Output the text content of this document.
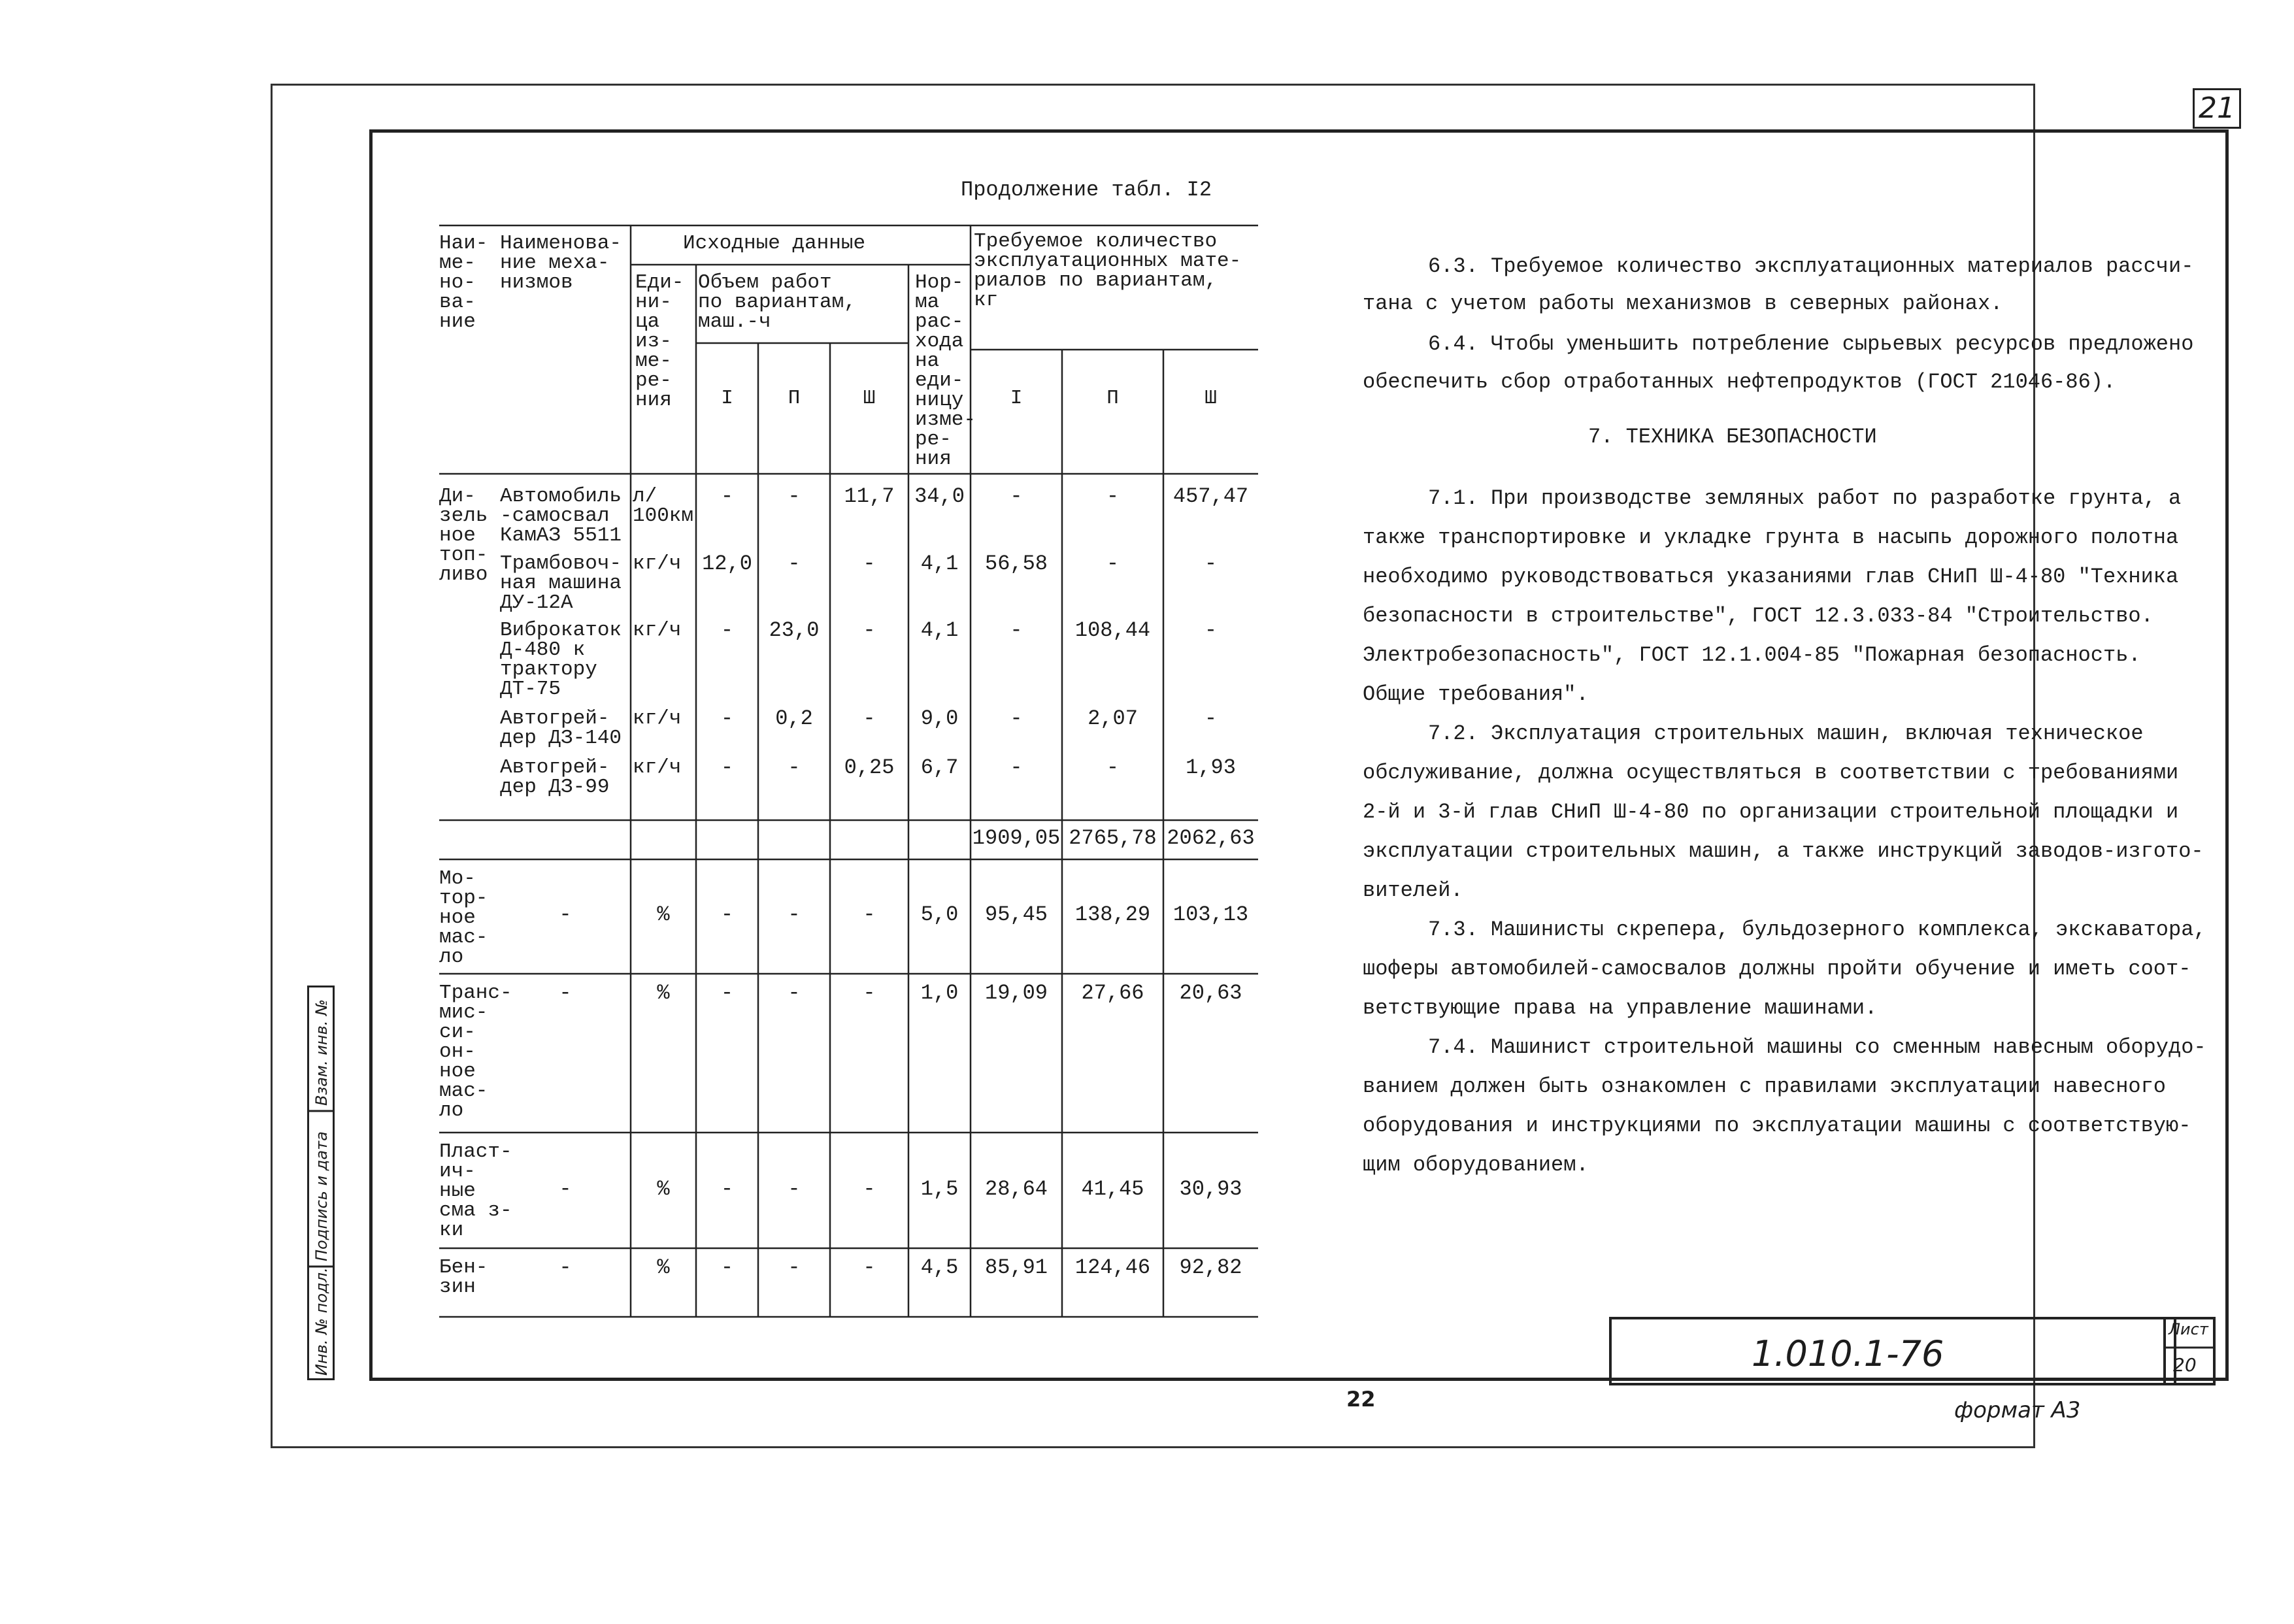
21
Инв. № подл.
Подпись и дата
Взам. инв. №
Продолжение табл. I2
Наи-
ме-
но-
ва-
ние
Наименова-
ние меха-
низмов
Исходные данные
Еди-
ни-
ца
из-
ме-
ре-
ния
Объем работ
по вариантам,
маш.-ч
Нор-
ма
рас-
хода
на
еди-
ницу
изме-
ре-
ния
Требуемое количество
эксплуатационных мате-
риалов по вариантам,
кг
I	П	Ш	I	П	Ш
Ди-
зель
ное
топ-
ливо
Автомобиль
-самосвал
КамАЗ 5511
л/
100км
-	-	11,7 34,0	-	-	457,47
Трамбовоч-
ная машина
ДУ-12А
кг/ч 12,0	-	-	4,1	56,58	-	-
Виброкаток
Д-480 к
трактору
ДТ-75
кг/ч	-	23,0	-	4,1	-	108,44	-
Автогрей-
дер ДЗ-140
кг/ч	-	0,2	-	9,0	-	2,07	-
Автогрей-
дер ДЗ-99
кг/ч	-	-	0,25	6,7	-	-	1,93
1909,05 2765,78 2062,63
Мо-
тор-
ное
мас-
ло
-	%	-	-	-	5,0	95,45	138,29	103,13
Транс-
мис-
си-
он-
ное
мас-
ло
-	%	-	-	-	1,0	19,09	27,66	20,63
Пласт-
ич-
ные
сма з-
ки
-	%	-	-	-	1,5	28,64	41,45	30,93
Бен-
зин
-	%	-	-	-	4,5	85,91	124,46	92,82
6.3. Требуемое количество эксплуатационных материалов рассчи-
тана с учетом работы механизмов в северных районах.
6.4. Чтобы уменьшить потребление сырьевых ресурсов предложено
обеспечить сбор отработанных нефтепродуктов (ГОСТ 21046-86).
7. ТЕХНИКА БЕЗОПАСНОСТИ
7.1. При производстве земляных работ по разработке грунта, а
также транспортировке и укладке грунта в насыпь дорожного полотна
необходимо руководствоваться указаниями глав СНиП Ш-4-80 "Техника
безопасности в строительстве", ГОСТ 12.3.033-84 "Строительство.
Электробезопасность", ГОСТ 12.1.004-85 "Пожарная безопасность.
Общие требования".
7.2. Эксплуатация строительных машин, включая техническое
обслуживание, должна осуществляться в соответствии с требованиями
2-й и 3-й глав СНиП Ш-4-80 по организации строительной площадки и
эксплуатации строительных машин, а также инструкций заводов-изгото-
вителей.
7.3. Машинисты скрепера, бульдозерного комплекса, экскаватора,
шоферы автомобилей-самосвалов должны пройти обучение и иметь соот-
ветствующие права на управление машинами.
7.4. Машинист строительной машины со сменным навесным оборудо-
ванием должен быть ознакомлен с правилами эксплуатации навесного
оборудования и инструкциями по эксплуатации машины с соответствую-
щим оборудованием.
1.010.1-76
Лист
20
22	формат А3
